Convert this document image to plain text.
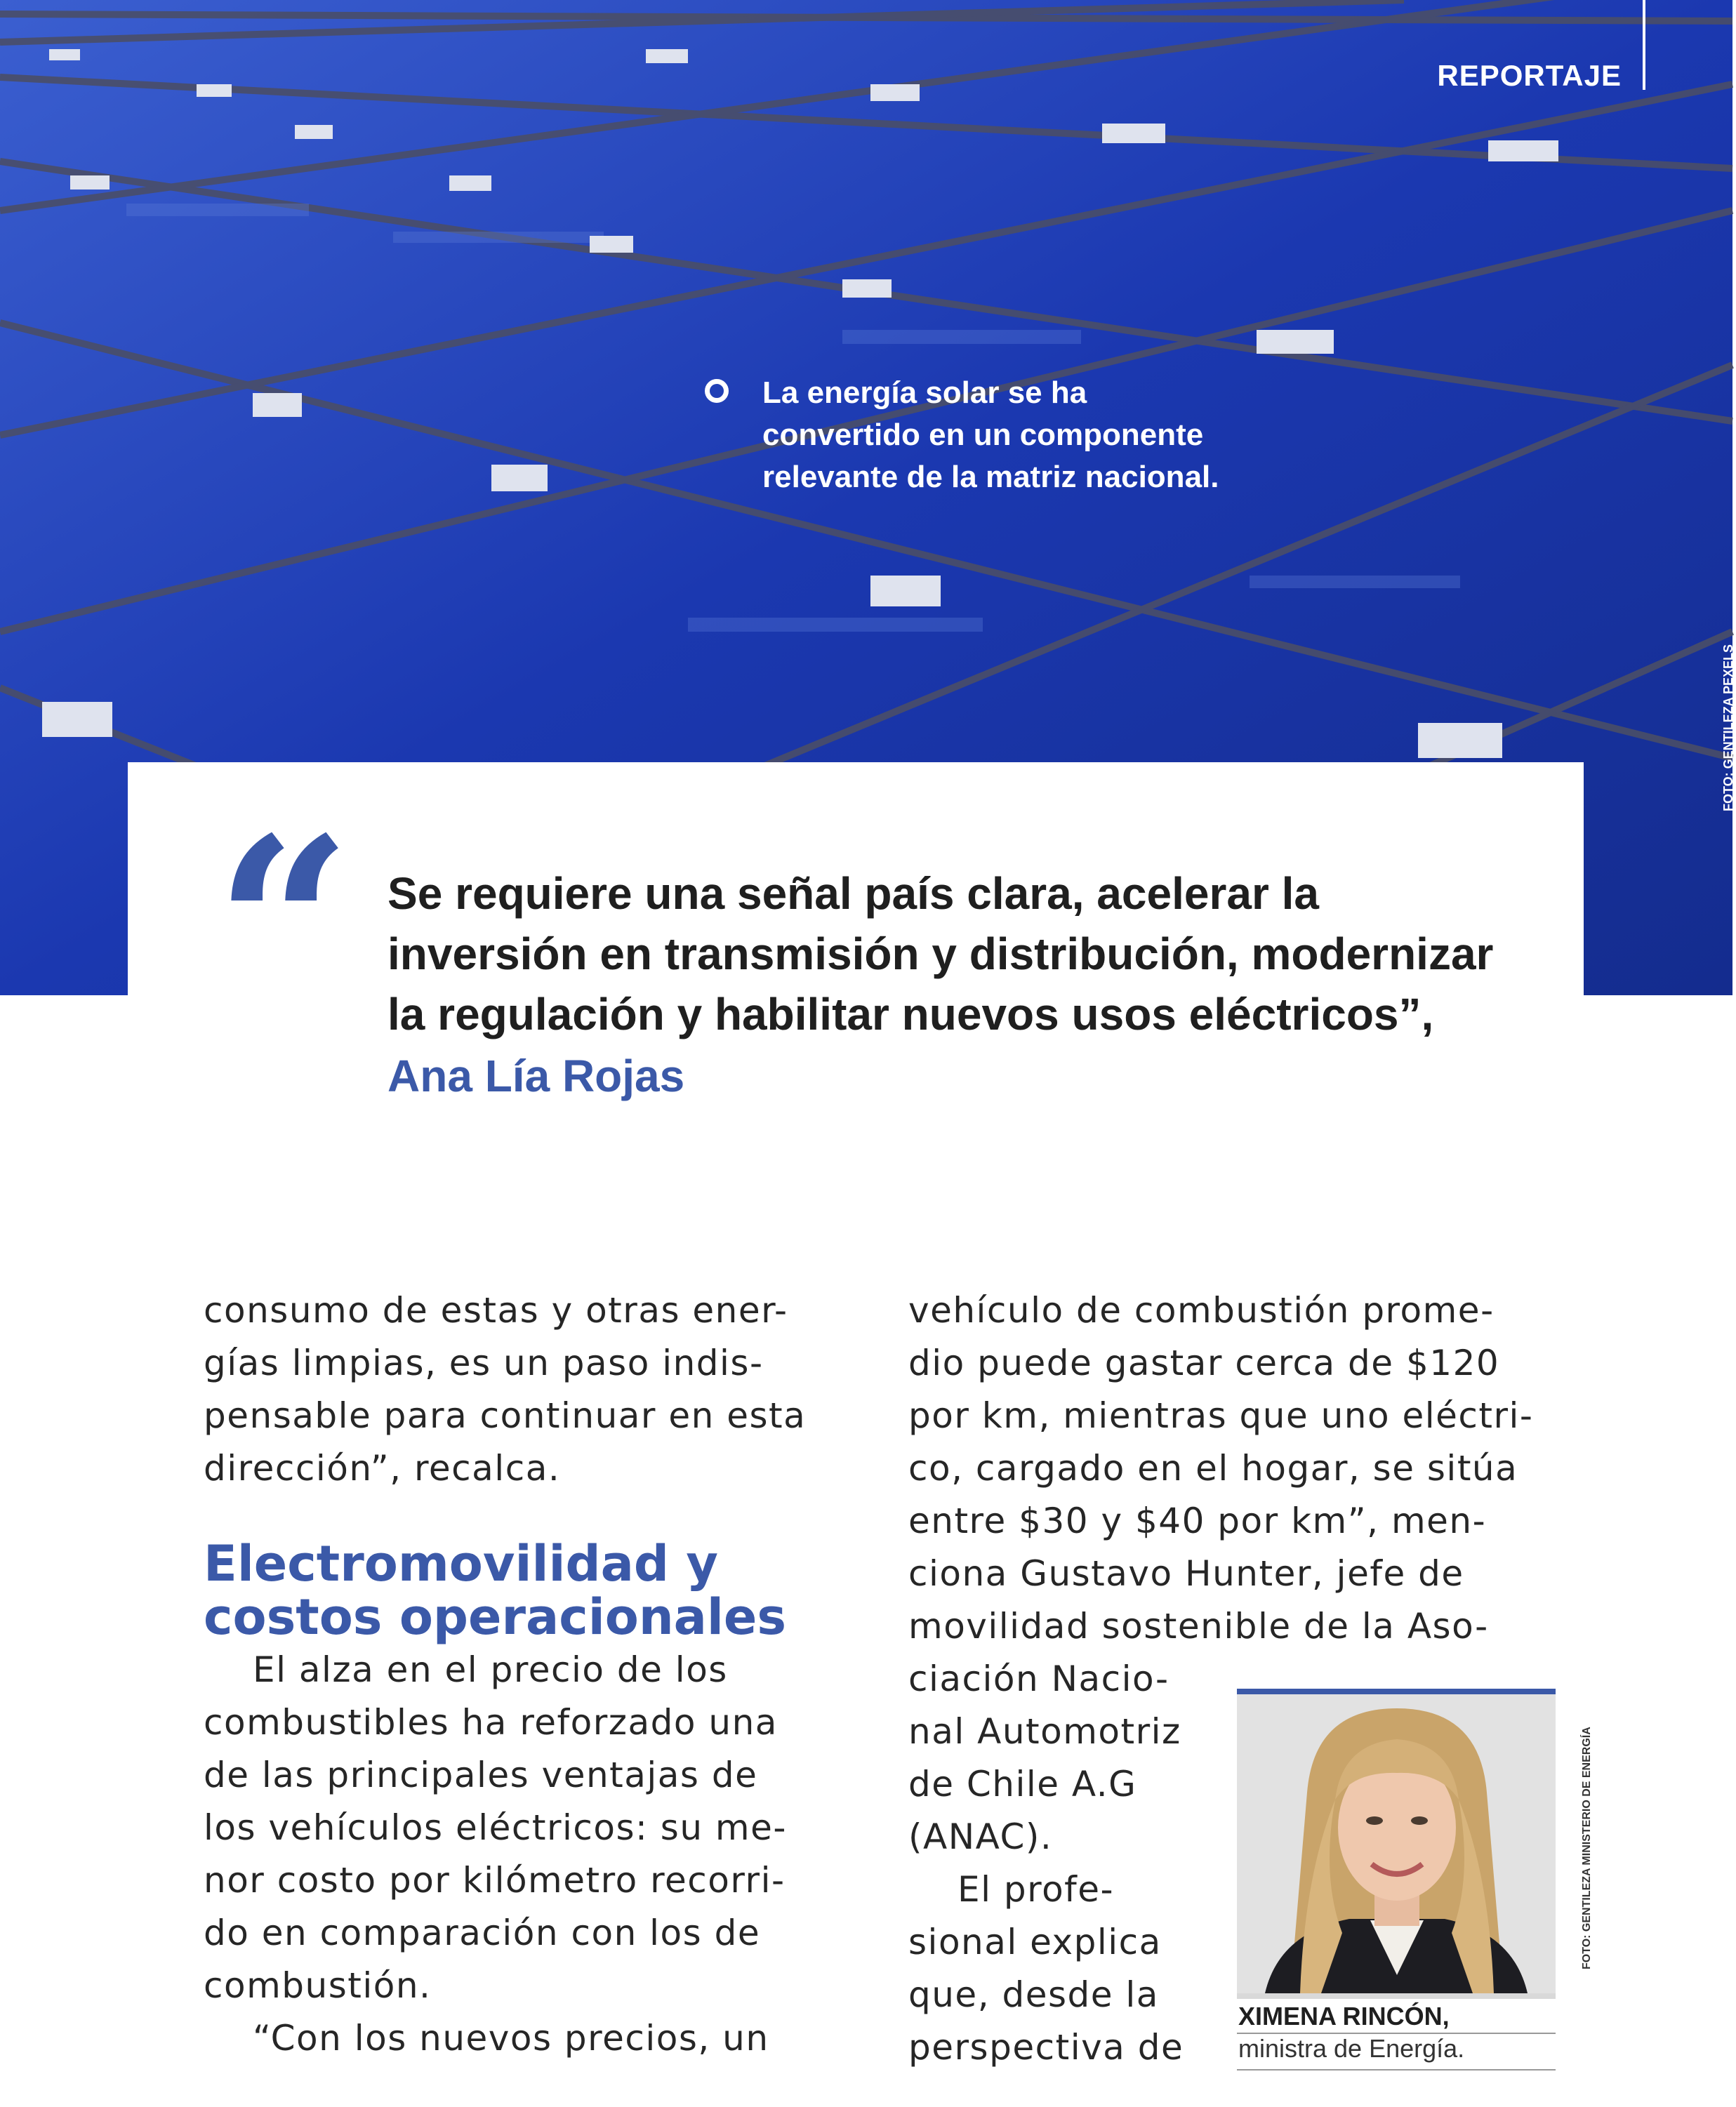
REPORTAJE
La energía solar se ha
convertido en un componente
relevante de la matriz nacional.
FOTO: GENTILEZA PEXELS
“ Se requiere una señal país clara, acelerar la
inversión en transmisión y distribución, modernizar
la regulación y habilitar nuevos usos eléctricos”,
Ana Lía Rojas

consumo de estas y otras ener-
gías limpias, es un paso indis-
pensable para continuar en esta
dirección”, recalca.

Electromovilidad y
costos operacionales

El alza en el precio de los
combustibles ha reforzado una
de las principales ventajas de
los vehículos eléctricos: su me-
nor costo por kilómetro recorri-
do en comparación con los de
combustión.

“Con los nuevos precios, un

vehículo de combustión prome-
dio puede gastar cerca de $120
por km, mientras que uno eléctri-
co, cargado en el hogar, se sitúa
entre $30 y $40 por km”, men-
ciona Gustavo Hunter, jefe de
movilidad sostenible de la Aso-
ciación Nacio-
nal Automotriz
de Chile A.G
(ANAC).

El profe-
sional explica
que, desde la
perspectiva de

FOTO: GENTILEZA MINISTERIO DE ENERGÍA
XIMENA RINCÓN,
ministra de Energía.
